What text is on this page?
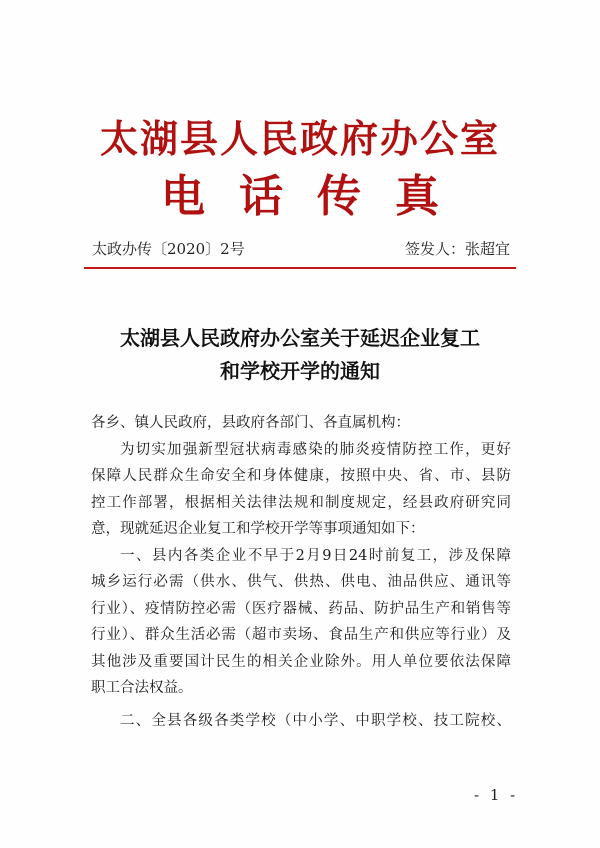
太湖县人民政府办公室
电话传真
太政办传〔2020〕2号	签发人：张超宜
太湖县人民政府办公室关于延迟企业复工
和学校开学的通知
各乡、镇人民政府，县政府各部门、各直属机构：
为切实加强新型冠状病毒感染的肺炎疫情防控工作，更好
保障人民群众生命安全和身体健康，按照中央、省、市、县防
控工作部署，根据相关法律法规和制度规定，经县政府研究同
意，现就延迟企业复工和学校开学等事项通知如下：
一、县内各类企业不早于2月9日24时前复工，涉及保障
城乡运行必需（供水、供气、供热、供电、油品供应、通讯等
行业）、疫情防控必需（医疗器械、药品、防护品生产和销售等
行业）、群众生活必需（超市卖场、食品生产和供应等行业）及
其他涉及重要国计民生的相关企业除外。用人单位要依法保障
职工合法权益。
二、全县各级各类学校（中小学、中职学校、技工院校、
- 1 -
